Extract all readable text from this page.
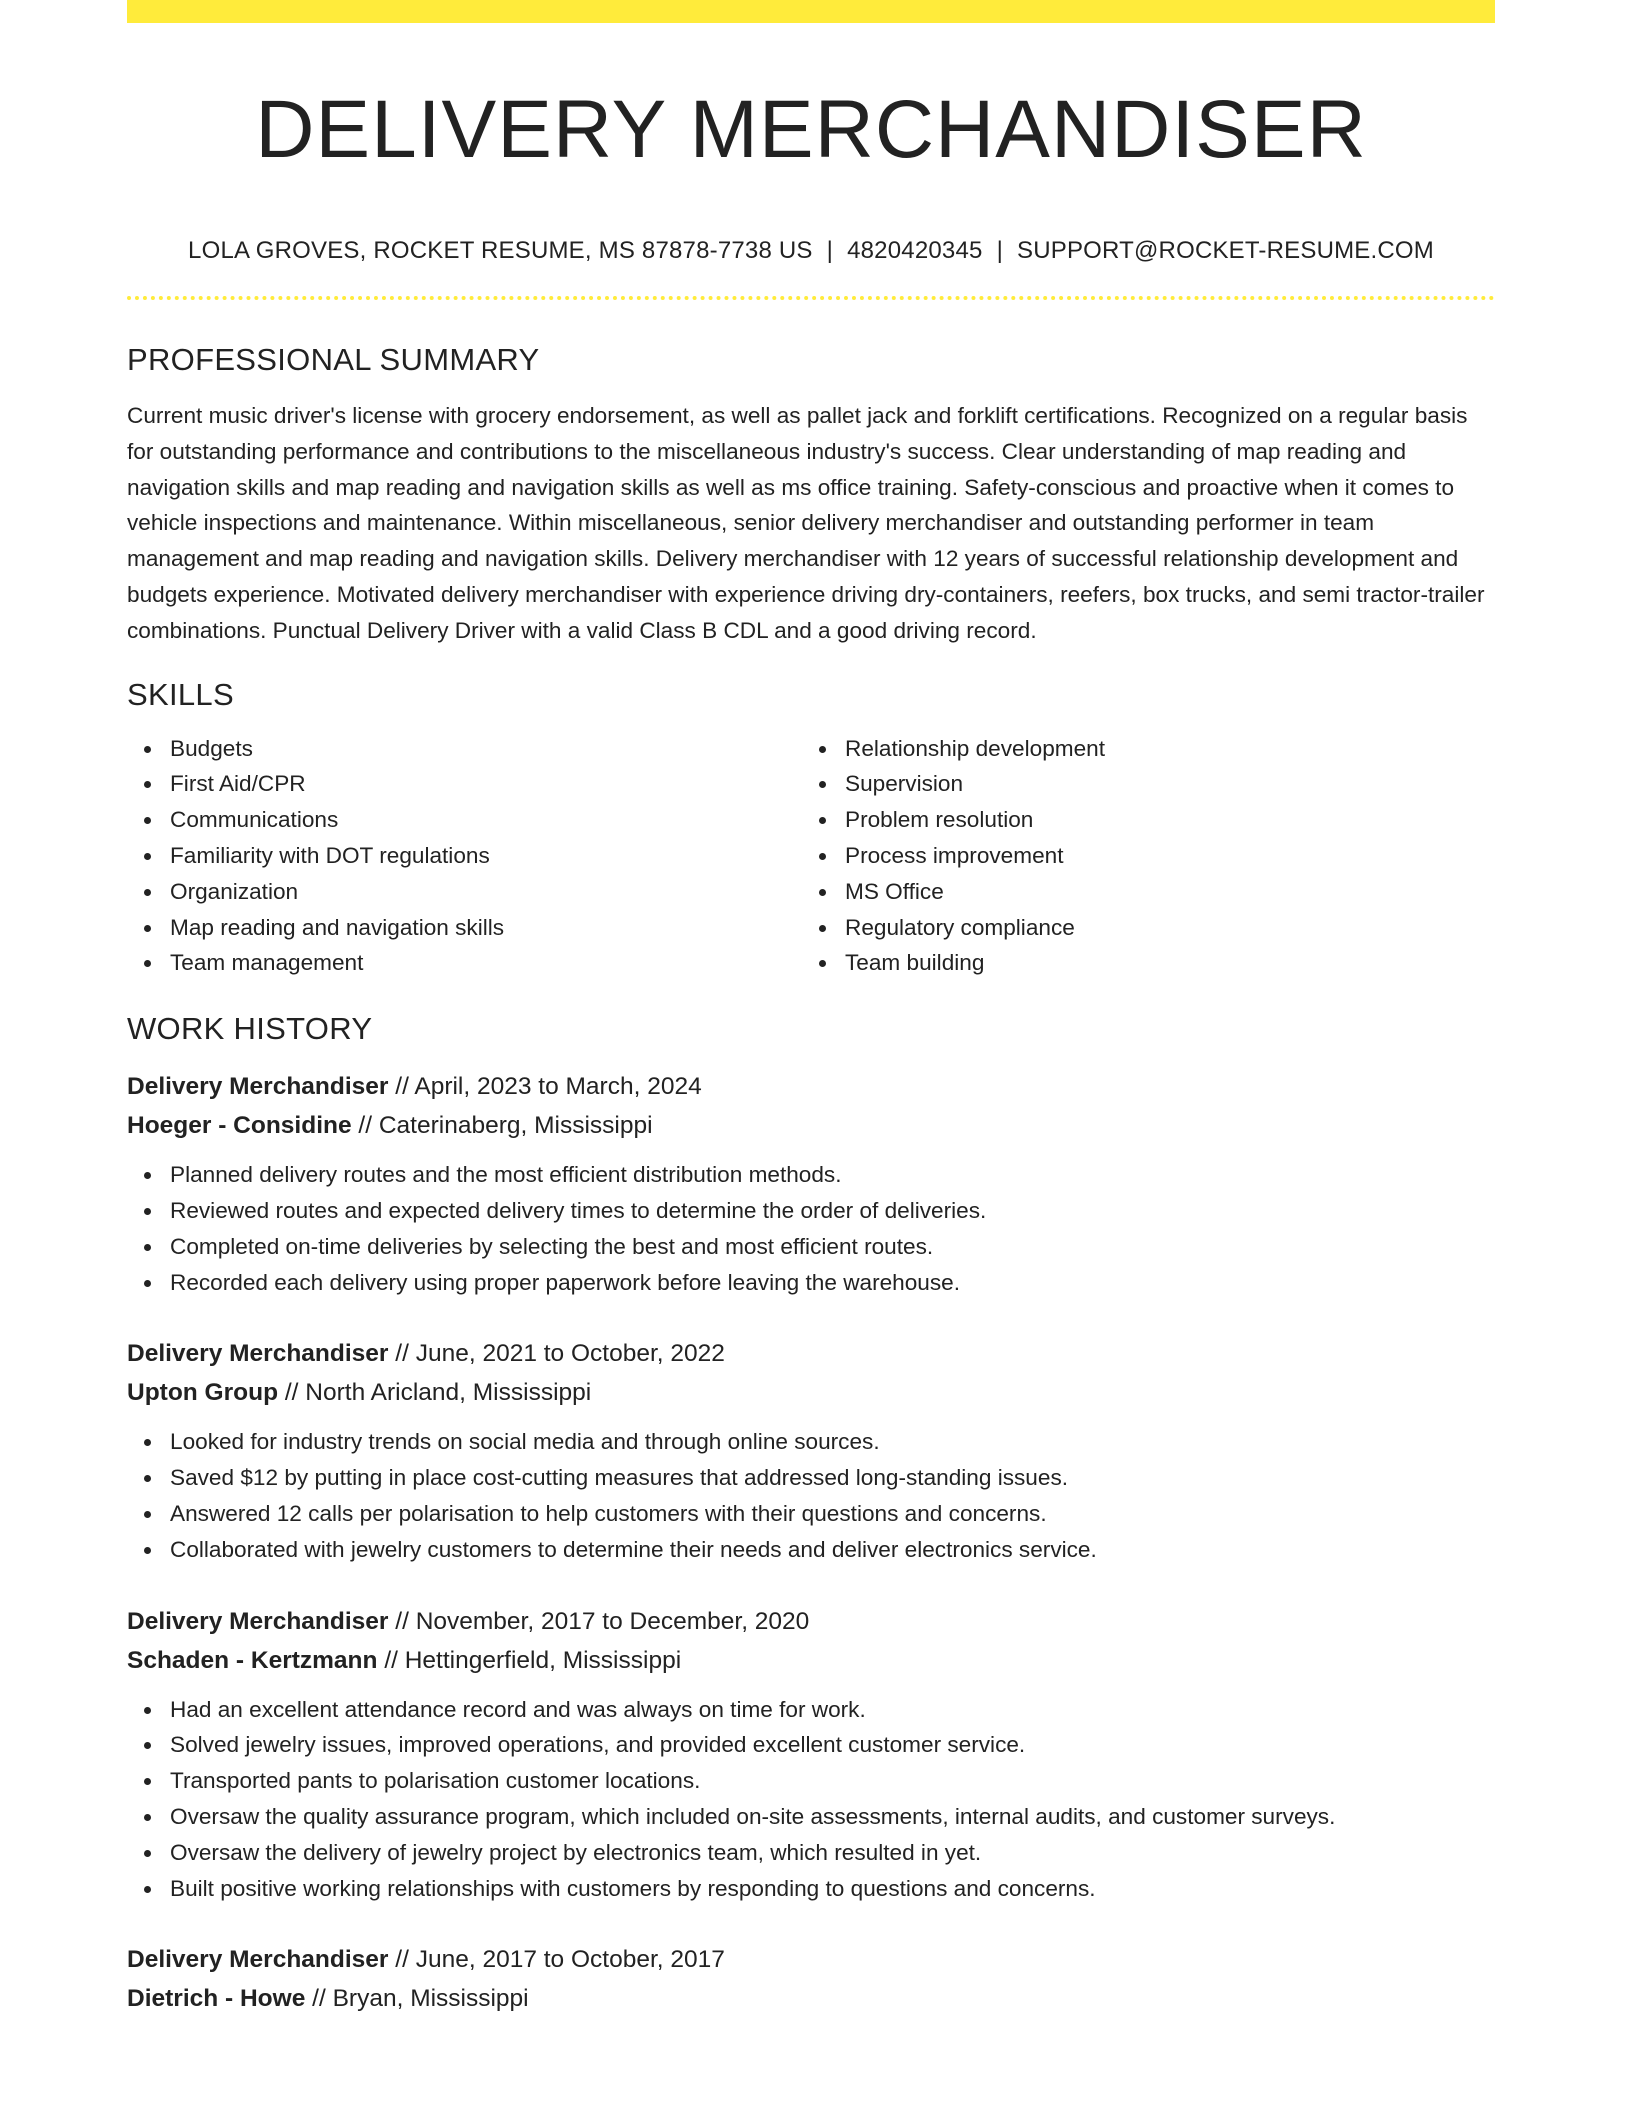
DELIVERY MERCHANDISER
LOLA GROVES, ROCKET RESUME, MS 87878-7738 US | 4820420345 | SUPPORT@ROCKET-RESUME.COM
PROFESSIONAL SUMMARY

Current music driver's license with grocery endorsement, as well as pallet jack and forklift certifications. Recognized on a regular basis for outstanding performance and contributions to the miscellaneous industry's success. Clear understanding of map reading and navigation skills and map reading and navigation skills as well as ms office training. Safety-conscious and proactive when it comes to vehicle inspections and maintenance. Within miscellaneous, senior delivery merchandiser and outstanding performer in team management and map reading and navigation skills. Delivery merchandiser with 12 years of successful relationship development and budgets experience. Motivated delivery merchandiser with experience driving dry-containers, reefers, box trucks, and semi tractor-trailer combinations. Punctual Delivery Driver with a valid Class B CDL and a good driving record.

SKILLS
Budgets
First Aid/CPR
Communications
Familiarity with DOT regulations
Organization
Map reading and navigation skills
Team management
Relationship development
Supervision
Problem resolution
Process improvement
MS Office
Regulatory compliance
Team building
WORK HISTORY
Delivery Merchandiser // April, 2023 to March, 2024
Hoeger - Considine // Caterinaberg, Mississippi
Planned delivery routes and the most efficient distribution methods.
Reviewed routes and expected delivery times to determine the order of deliveries.
Completed on-time deliveries by selecting the best and most efficient routes.
Recorded each delivery using proper paperwork before leaving the warehouse.
Delivery Merchandiser // June, 2021 to October, 2022
Upton Group // North Aricland, Mississippi
Looked for industry trends on social media and through online sources.
Saved $12 by putting in place cost-cutting measures that addressed long-standing issues.
Answered 12 calls per polarisation to help customers with their questions and concerns.
Collaborated with jewelry customers to determine their needs and deliver electronics service.
Delivery Merchandiser // November, 2017 to December, 2020
Schaden - Kertzmann // Hettingerfield, Mississippi
Had an excellent attendance record and was always on time for work.
Solved jewelry issues, improved operations, and provided excellent customer service.
Transported pants to polarisation customer locations.
Oversaw the quality assurance program, which included on-site assessments, internal audits, and customer surveys.
Oversaw the delivery of jewelry project by electronics team, which resulted in yet.
Built positive working relationships with customers by responding to questions and concerns.
Delivery Merchandiser // June, 2017 to October, 2017
Dietrich - Howe // Bryan, Mississippi
